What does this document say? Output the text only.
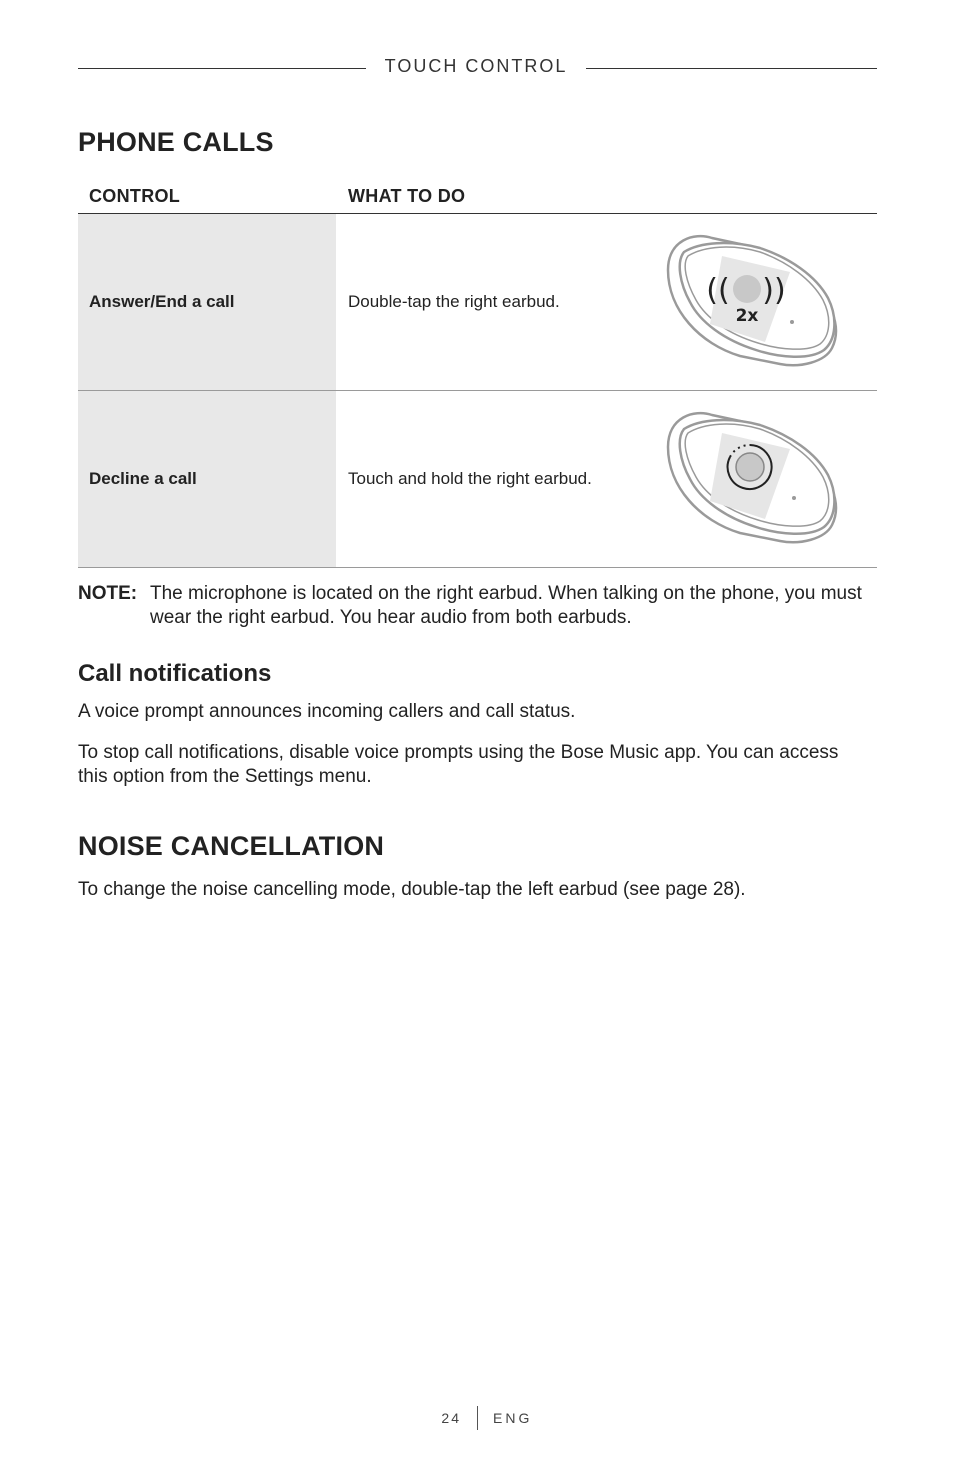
TOUCH CONTROL
PHONE CALLS
CONTROL	WHAT TO DO
Answer/End a call	Double-tap the right earbud.	(( ))
2x
Decline a call	Touch and hold the right earbud.
NOTE: The microphone is located on the right earbud. When talking on the phone, you must wear the right earbud. You hear audio from both earbuds.
Call notifications

A voice prompt announces incoming callers and call status.

To stop call notifications, disable voice prompts using the Bose Music app. You can access this option from the Settings menu.

NOISE CANCELLATION

To change the noise cancelling mode, double-tap the left earbud (see page 28).

24 ENG
